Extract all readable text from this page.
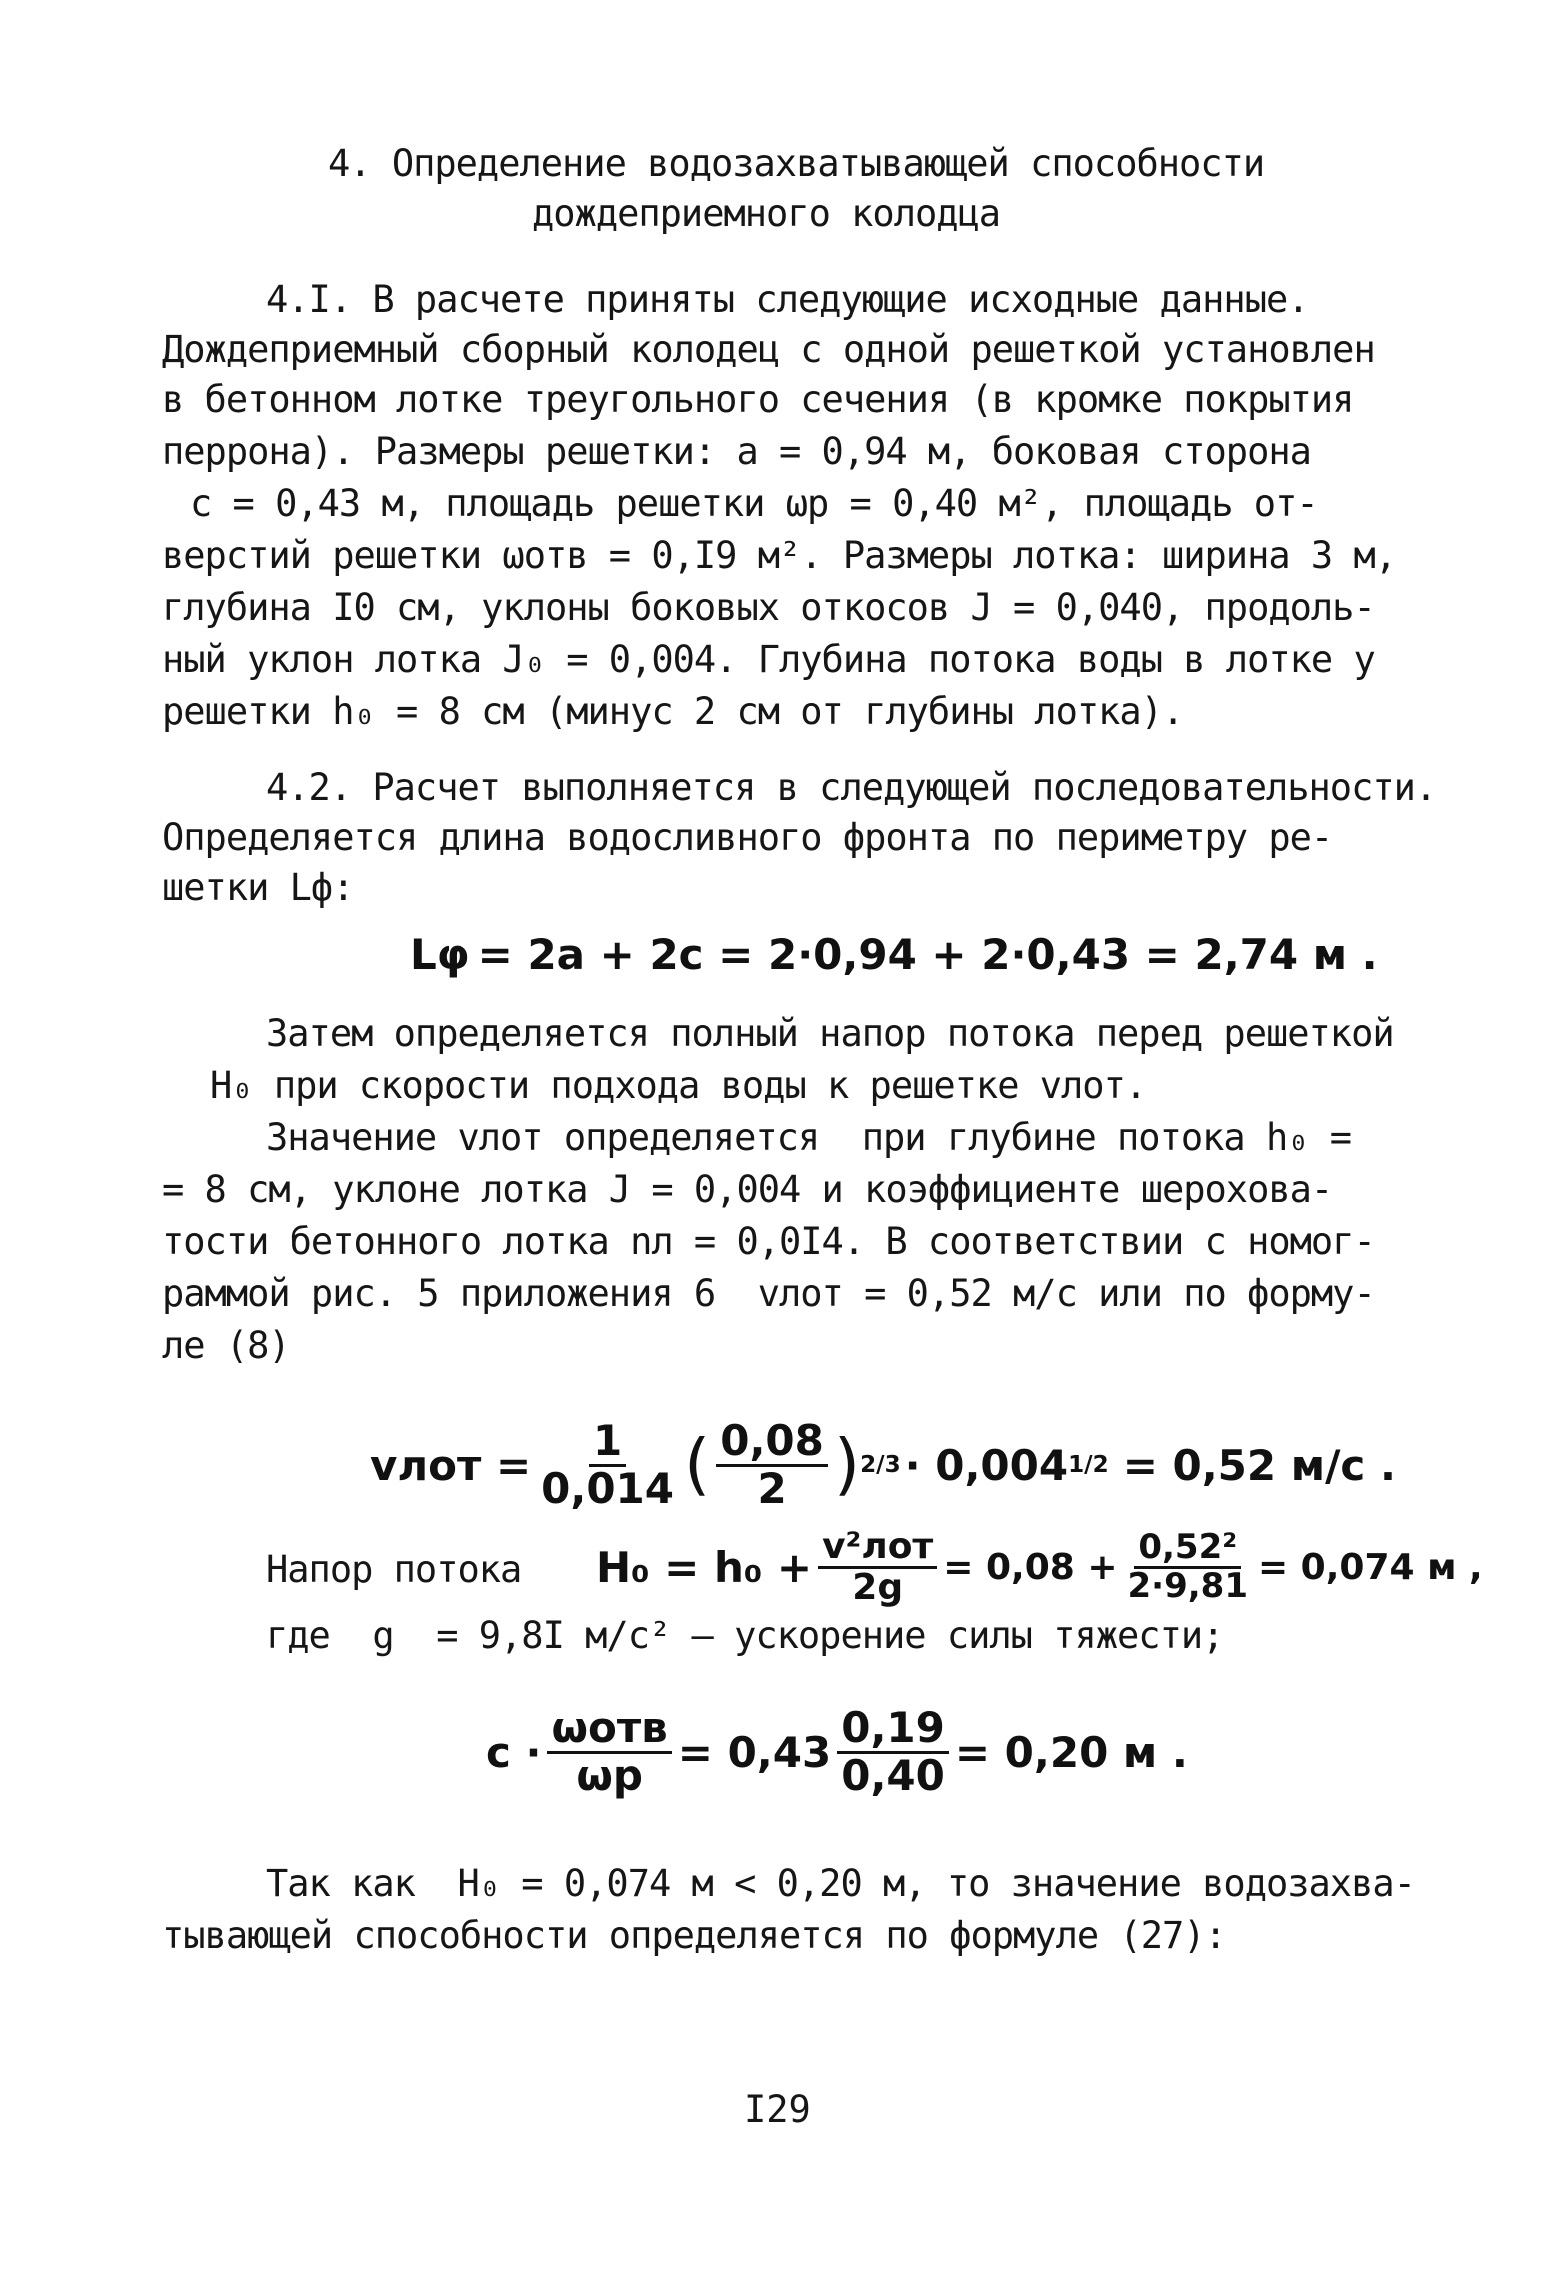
4. Определение водозахватывающей способности
дождеприемного колодца
4.I. В расчете приняты следующие исходные данные.
Дождеприемный сборный колодец с одной решеткой установлен
в бетонном лотке треугольного сечения (в кромке покрытия
перрона). Размеры решетки: a = 0,94 м, боковая сторона
c = 0,43 м, площадь решетки ωр = 0,40 м², площадь от-
верстий решетки ωотв = 0,I9 м². Размеры лотка: ширина 3 м,
глубина I0 см, уклоны боковых откосов J = 0,040, продоль-
ный уклон лотка J₀ = 0,004. Глубина потока воды в лотке у
решетки h₀ = 8 см (минус 2 см от глубины лотка).
4.2. Расчет выполняется в следующей последовательности.
Определяется длина водосливного фронта по периметру ре-
шетки Lф:
Lφ = 2a + 2c = 2·0,94 + 2·0,43 = 2,74 м .
Затем определяется полный напор потока перед решеткой
H₀ при скорости подхода воды к решетке vлот.
Значение vлот определяется  при глубине потока h₀ =
= 8 см, уклоне лотка J = 0,004 и коэффициенте шерохова-
тости бетонного лотка nл = 0,0I4. В соответствии с номог-
раммой рис. 5 приложения 6  vлот = 0,52 м/с или по форму-
ле (8)
vлот = $\frac{1}{0,014}$ ( $\frac{0,08}{2}$ ) 2/3 · 0,004 1/2 = 0,52 м/с .
Напор потока $H_0 = h_0 + \frac{\text{v²лот}}{2g} = 0,08 + \frac{\text{0,52²}}{2\cdot 9,81} = 0,074$ м ,
где  g  = 9,8I м/с² – ускорение силы тяжести;
$c \cdot \frac{\text{ωотв}}{\omega р} = 0,43 \frac{0,19}{0,40} = 0,20$ м .
Так как  H₀ = 0,074 м < 0,20 м, то значение водозахва-
тывающей способности определяется по формуле (27):
I29
